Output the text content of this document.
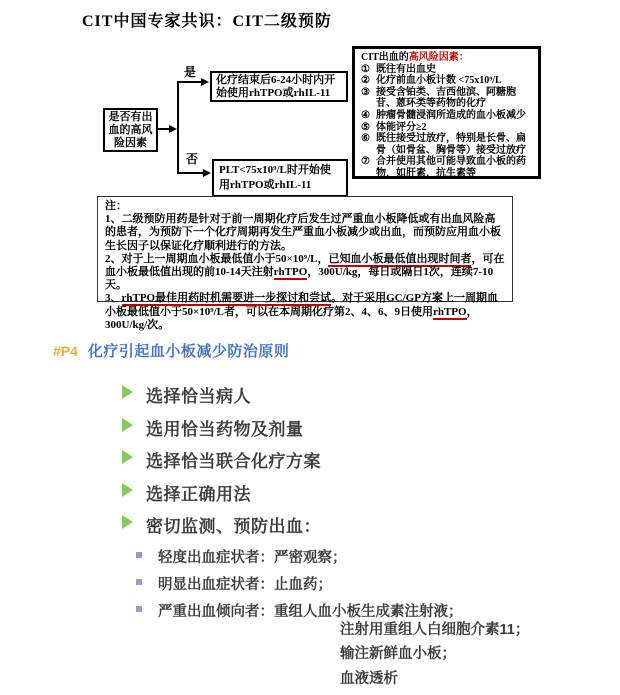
CIT中国专家共识：CIT二级预防
是否有出血的高风险因素
是
否
化疗结束后6-24小时内开始使用rhTPO或rhIL-11
PLT<75x10⁹/L时开始使用rhTPO或rhIL-11
CIT出血的高风险因素：
① 既往有出血史
② 化疗前血小板计数 <75x10⁹/L
③ 接受含铂类、吉西他滨、阿糖胞苷、蒽环类等药物的化疗
④ 肿瘤骨髓浸润所造成的血小板减少
⑤ 体能评分≥2
⑥ 既往接受过放疗，特别是长骨、扁骨（如骨盆、胸骨等）接受过放疗
⑦ 合并使用其他可能导致血小板的药物，如肝素，抗生素等
注：

1、二级预防用药是针对于前一周期化疗后发生过严重血小板降低或有出血风险高的患者，为预防下一个化疗周期再发生严重血小板减少或出血，而预防应用血小板生长因子以保证化疗顺利进行的方法。

2、对于上一周期血小板最低值小于50×10⁹/L，已知血小板最低值出现时间者，可在血小板最低值出现的前10-14天注射rhTPO，300U/kg，每日或隔日1次，连续7-10天。

3、rhTPO最佳用药时机需要进一步探讨和尝试。对于采用GC/GP方案上一周期血小板最低值小于50×10⁹/L者，可以在本周期化疗第2、4、6、9日使用rhTPO，300U/kg/次。

#P4 化疗引起血小板减少防治原则
选择恰当病人
选用恰当药物及剂量
选择恰当联合化疗方案
选择正确用法
密切监测、预防出血：
轻度出血症状者：严密观察；
明显出血症状者：止血药；
严重出血倾向者：重组人血小板生成素注射液；
注射用重组人白细胞介素11；
输注新鲜血小板；
血液透析
